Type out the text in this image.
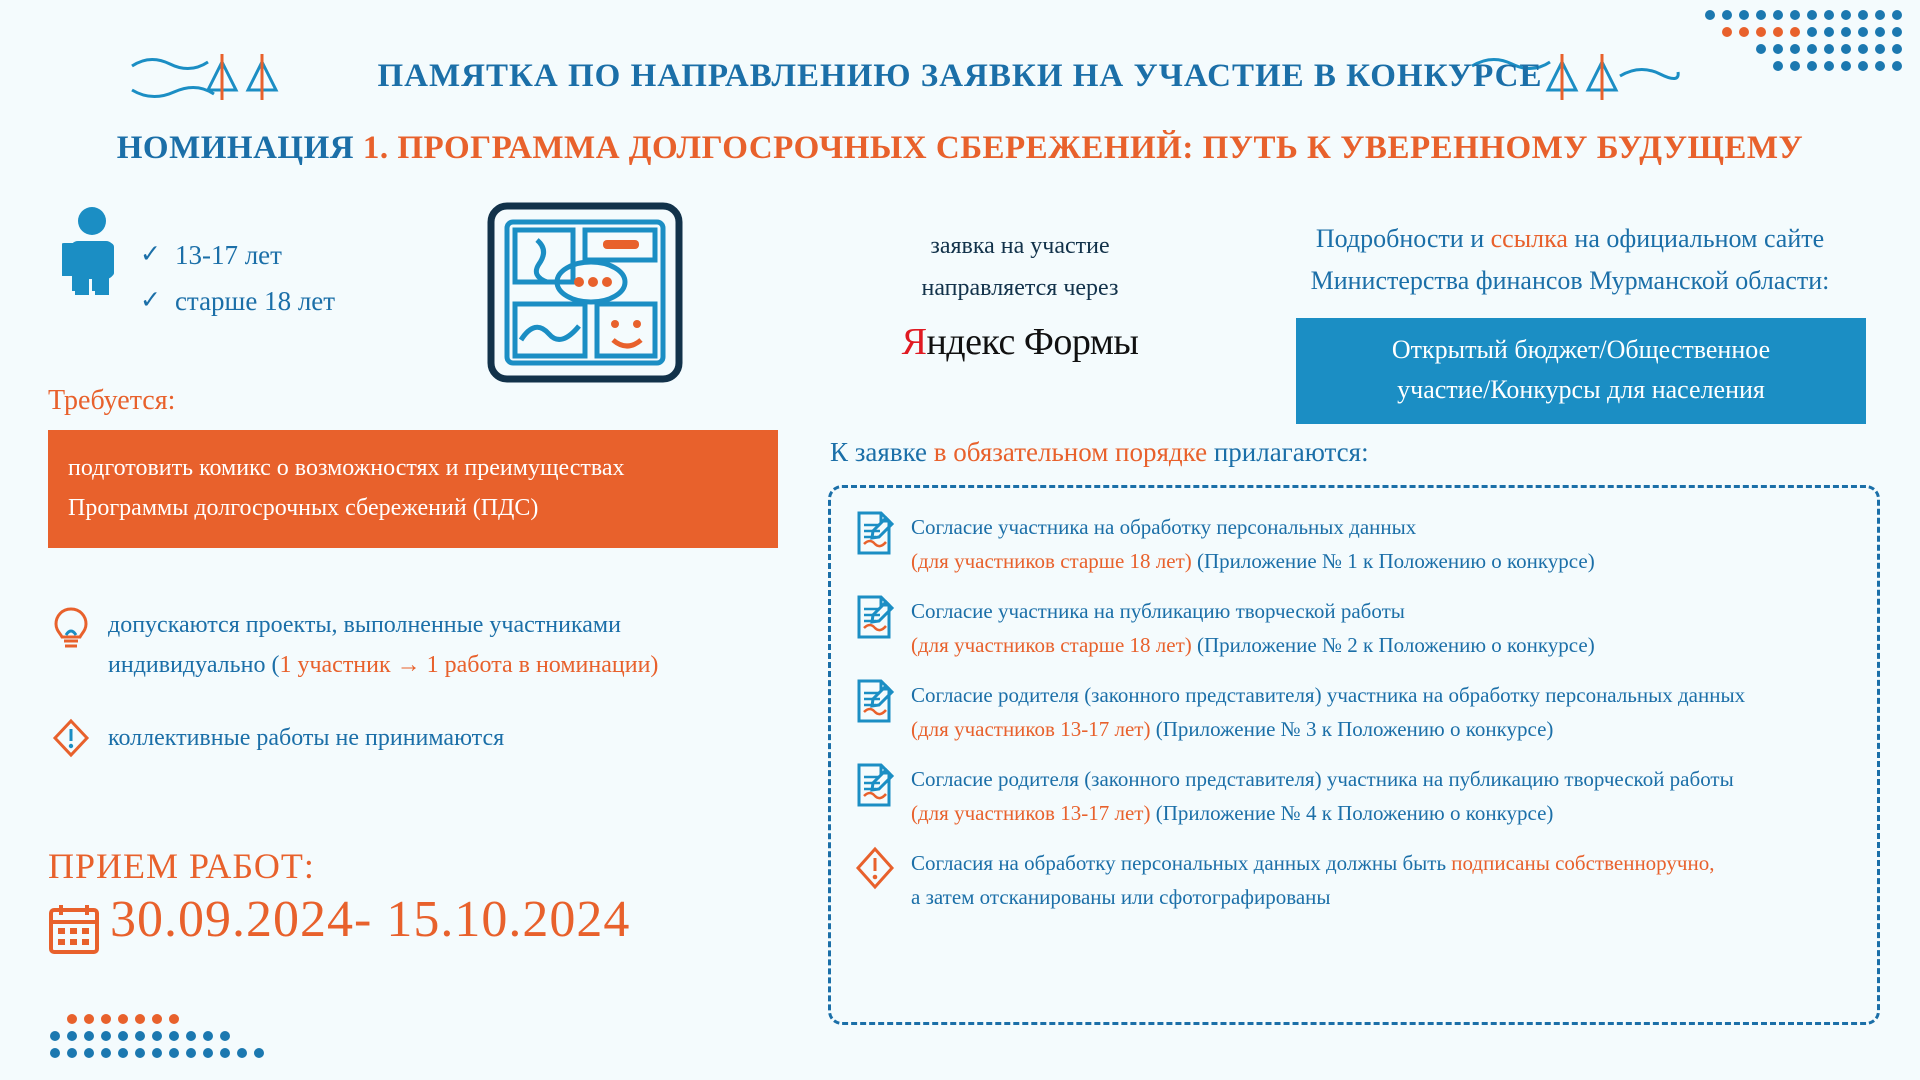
ПАМЯТКА ПО НАПРАВЛЕНИЮ ЗАЯВКИ НА УЧАСТИЕ В КОНКУРСЕ
НОМИНАЦИЯ 1. ПРОГРАММА ДОЛГОСРОЧНЫХ СБЕРЕЖЕНИЙ: ПУТЬ К УВЕРЕННОМУ БУДУЩЕМУ
✓ 13-17 лет
✓ старше 18 лет
Требуется:
подготовить комикс о возможностях и преимуществах
Программы долгосрочных сбережений (ПДС)
допускаются проекты, выполненные участниками
индивидуально (1 участник → 1 работа в номинации)
коллективные работы не принимаются
ПРИЕМ РАБОТ:
30.09.2024- 15.10.2024
заявка на участие
направляется через
Яндекс Формы
Подробности и ссылка на официальном сайте
Министерства финансов Мурманской области:
Открытый бюджет/Общественное
участие/Конкурсы для населения
К заявке в обязательном порядке прилагаются:
Согласие участника на обработку персональных данных
(для участников старше 18 лет) (Приложение № 1 к Положению о конкурсе)
Согласие участника на публикацию творческой работы
(для участников старше 18 лет) (Приложение № 2 к Положению о конкурсе)
Согласие родителя (законного представителя) участника на обработку персональных данных
(для участников 13-17 лет) (Приложение № 3 к Положению о конкурсе)
Согласие родителя (законного представителя) участника на публикацию творческой работы
(для участников 13-17 лет) (Приложение № 4 к Положению о конкурсе)
Согласия на обработку персональных данных должны быть подписаны собственноручно,
а затем отсканированы или сфотографированы
